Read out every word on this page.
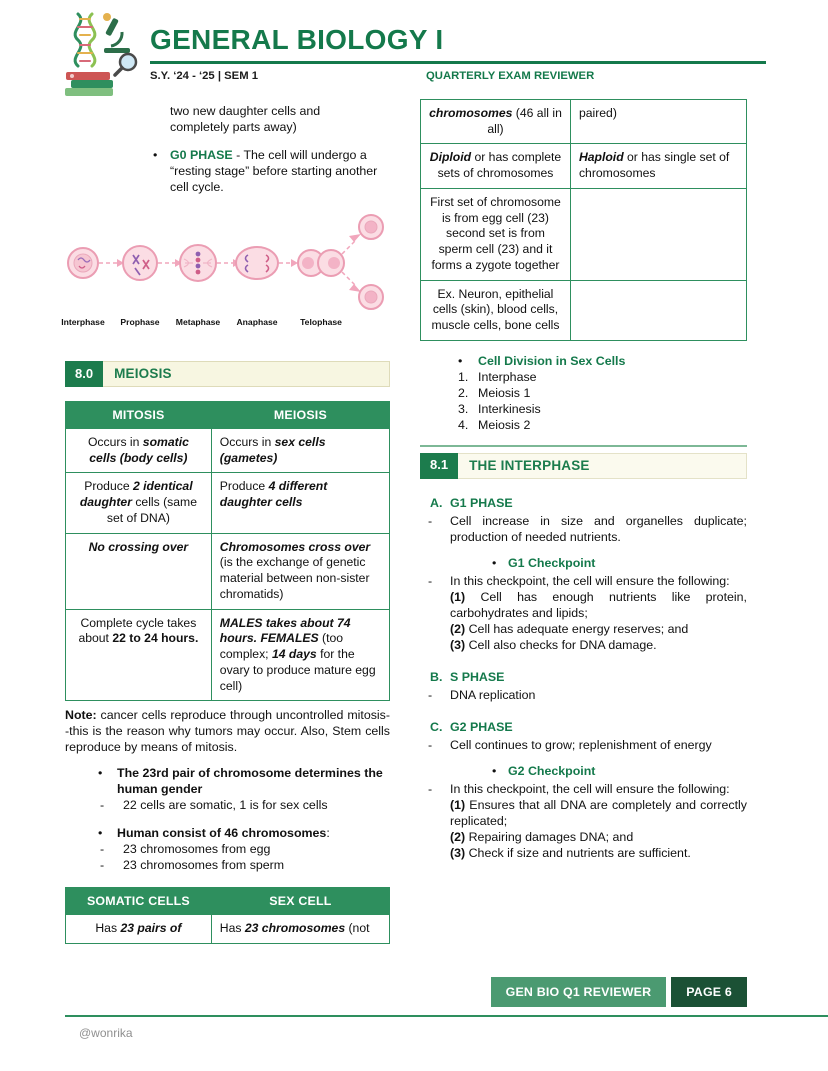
GENERAL BIOLOGY I
S.Y. ‘24 - ‘25 | SEM 1	QUARTERLY EXAM REVIEWER

two new daughter cells and completely parts away)

•	G0 PHASE - The cell will undergo a “resting stage” before starting another cell cycle.
Interphase Prophase Metaphase Anaphase	Telophase
8.0	MEIOSIS
MITOSIS	MEIOSIS
Occurs in somatic cells (body cells)	Occurs in sex cells (gametes)
Produce 2 identical daughter cells (same set of DNA)	Produce 4 different daughter cells
No crossing over	Chromosomes cross over (is the exchange of genetic material between non-sister chromatids)
Complete cycle takes about 22 to 24 hours.	MALES takes about 74 hours. FEMALES (too complex; 14 days for the ovary to produce mature egg cell)

Note: cancer cells reproduce through uncontrolled mitosis--this is the reason why tumors may occur. Also, Stem cells reproduce by means of mitosis.

•	The 23rd pair of chromosome determines the human gender
-	22 cells are somatic, 1 is for sex cells
•	Human consist of 46 chromosomes:
-	23 chromosomes from egg
-	23 chromosomes from sperm
SOMATIC CELLS	SEX CELL
Has 23 pairs of	Has 23 chromosomes (not
chromosomes (46 all in all)	paired)
Diploid or has complete sets of chromosomes	Haploid or has single set of chromosomes
First set of chromosome is from egg cell (23) second set is from sperm cell (23) and it forms a zygote together	
Ex. Neuron, epithelial cells (skin), blood cells, muscle cells, bone cells	
•	Cell Division in Sex Cells
1. Interphase
2. Meiosis 1
3. Interkinesis
4. Meiosis 2
8.1	THE INTERPHASE
A. G1 PHASE
-	Cell increase in size and organelles duplicate; production of needed nutrients.
• G1 Checkpoint
-	In this checkpoint, the cell will ensure the following:
(1) Cell has enough nutrients like protein, carbohydrates and lipids;
(2) Cell has adequate energy reserves; and
(3) Cell also checks for DNA damage.
B. S PHASE
-	DNA replication
C. G2 PHASE
-	Cell continues to grow; replenishment of energy
• G2 Checkpoint
-	In this checkpoint, the cell will ensure the following:
(1) Ensures that all DNA are completely and correctly replicated;
(2) Repairing damages DNA; and
(3) Check if size and nutrients are sufficient.
GEN BIO Q1 REVIEWER	PAGE 6
@wonrika
